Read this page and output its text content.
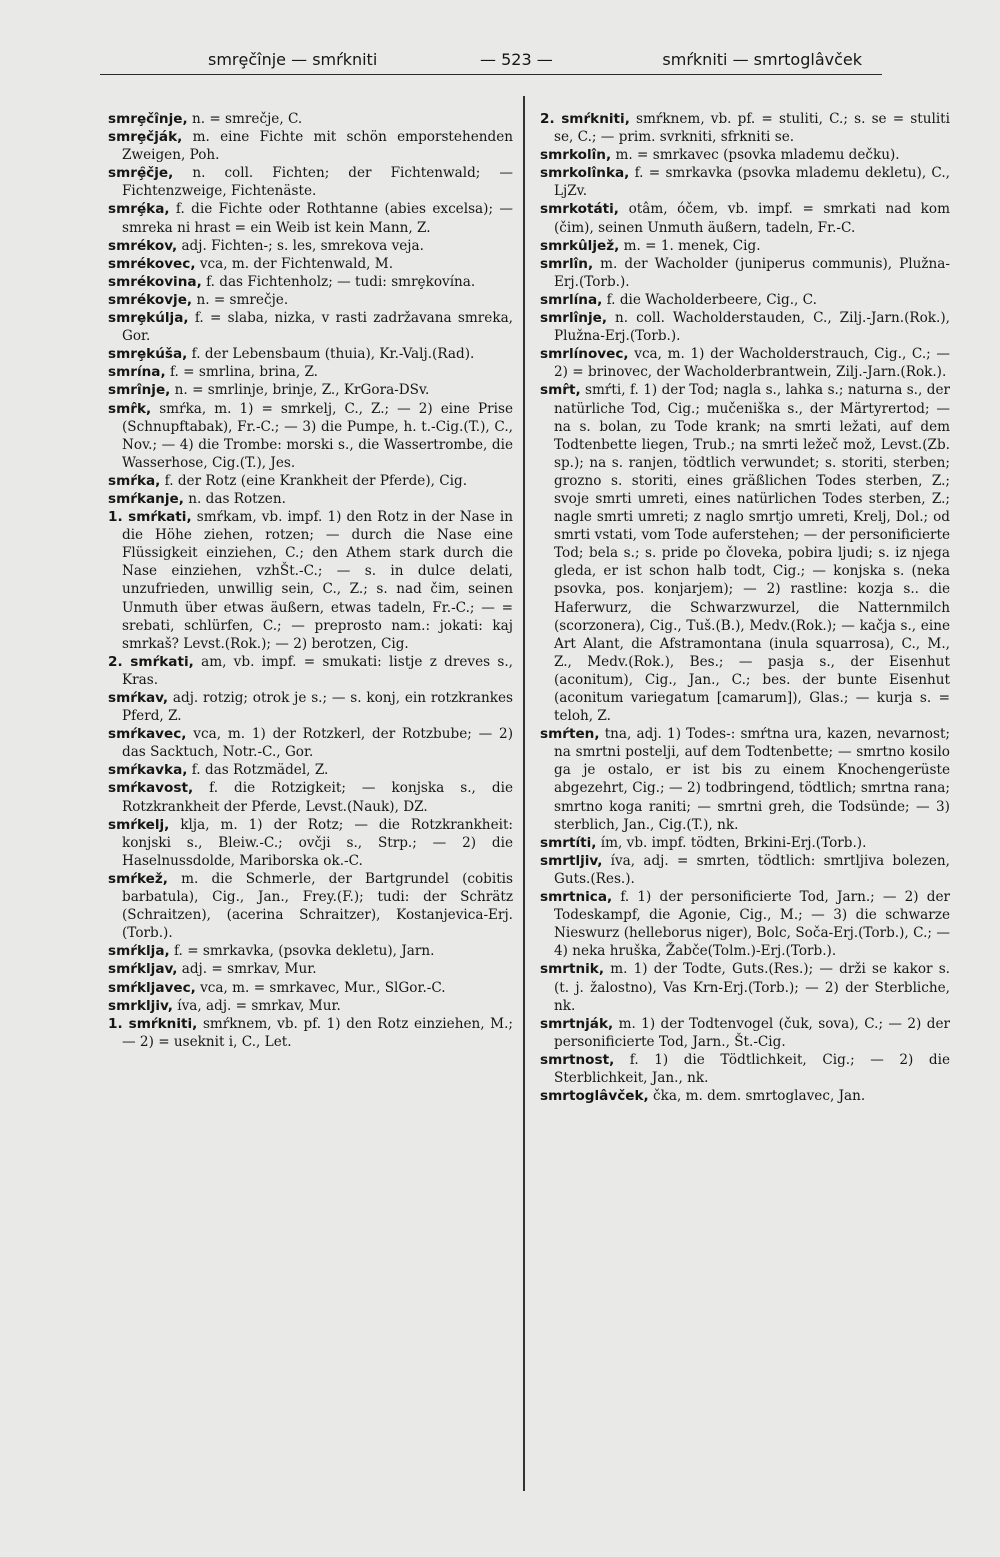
smrȩčînje — smŕkniti	— 523 —	smŕkniti — smrtoglâvček

smrȩčînje, n. = smrečje, C.

smrȩčják, m. eine Fichte mit schön emporstehenden Zweigen, Poh.

smrȩ̑čje, n. coll. Fichten; der Fichtenwald; — Fichtenzweige, Fichtenäste.

smrȩ́ka, f. die Fichte oder Rothtanne (abies excelsa); — smreka ni hrast = ein Weib ist kein Mann, Z.

smrékov, adj. Fichten-; s. les, smrekova veja.

smrékovec, vca, m. der Fichtenwald, M.

smrékovina, f. das Fichtenholz; — tudi: smrȩkovína.

smrékovje, n. = smrečje.

smrȩkúlja, f. = slaba, nizka, v rasti zadržavana smreka, Gor.

smrȩkúša, f. der Lebensbaum (thuia), Kr.-Valj.(Rad).

smrína, f. = smrlina, brina, Z.

smrînje, n. = smrlinje, brinje, Z., KrGora-DSv.

smr̂k, smŕka, m. 1) = smrkelj, C., Z.; — 2) eine Prise (Schnupftabak), Fr.-C.; — 3) die Pumpe, h. t.-Cig.(T.), C., Nov.; — 4) die Trombe: morski s., die Wassertrombe, die Wasserhose, Cig.(T.), Jes.

smŕka, f. der Rotz (eine Krankheit der Pferde), Cig.

smŕkanje, n. das Rotzen.

1. smŕkati, smŕkam, vb. impf. 1) den Rotz in der Nase in die Höhe ziehen, rotzen; — durch die Nase eine Flüssigkeit einziehen, C.; den Athem stark durch die Nase einziehen, vzhŠt.-C.; — s. in dulce delati, unzufrieden, unwillig sein, C., Z.; s. nad čim, seinen Unmuth über etwas äußern, etwas tadeln, Fr.-C.; — = srebati, schlürfen, C.; — preprosto nam.: jokati: kaj smrkaš? Levst.(Rok.); — 2) berotzen, Cig.

2. smŕkati, am, vb. impf. = smukati: listje z dreves s., Kras.

smŕkav, adj. rotzig; otrok je s.; — s. konj, ein rotzkrankes Pferd, Z.

smŕkavec, vca, m. 1) der Rotzkerl, der Rotzbube; — 2) das Sacktuch, Notr.-C., Gor.

smŕkavka, f. das Rotzmädel, Z.

smŕkavost, f. die Rotzigkeit; — konjska s., die Rotzkrankheit der Pferde, Levst.(Nauk), DZ.

smŕkelj, klja, m. 1) der Rotz; — die Rotzkrankheit: konjski s., Bleiw.-C.; ovčji s., Strp.; — 2) die Haselnussdolde, Mariborska ok.-C.

smŕkež, m. die Schmerle, der Bartgrundel (cobitis barbatula), Cig., Jan., Frey.(F.); tudi: der Schrätz (Schraitzen), (acerina Schraitzer), Kostanjevica-Erj.(Torb.).

smŕklja, f. = smrkavka, (psovka dekletu), Jarn.

smŕkljav, adj. = smrkav, Mur.

smŕkljavec, vca, m. = smrkavec, Mur., SlGor.-C.

smrkljiv, íva, adj. = smrkav, Mur.

1. smŕkniti, smŕknem, vb. pf. 1) den Rotz einziehen, M.; — 2) = useknit i, C., Let.

2. smŕkniti, smŕknem, vb. pf. = stuliti, C.; s. se = stuliti se, C.; — prim. svrkniti, sfrkniti se.

smrkolîn, m. = smrkavec (psovka mlademu dečku).

smrkolînka, f. = smrkavka (psovka mlademu dekletu), C., LjZv.

smrkotáti, otâm, óčem, vb. impf. = smrkati nad kom (čim), seinen Unmuth äußern, tadeln, Fr.-C.

smrkûlјež, m. = 1. menek, Cig.

smrlîn, m. der Wacholder (juniperus communis), Plužna-Erj.(Torb.).

smrlína, f. die Wacholderbeere, Cig., C.

smrlînje, n. coll. Wacholderstauden, C., Zilj.-Jarn.(Rok.), Plužna-Erj.(Torb.).

smrlínovec, vca, m. 1) der Wacholderstrauch, Cig., C.; — 2) = brinovec, der Wacholderbrantwein, Zilj.-Jarn.(Rok.).

smr̂t, smŕti, f. 1) der Tod; nagla s., lahka s.; naturna s., der natürliche Tod, Cig.; mučeniška s., der Märtyrertod; — na s. bolan, zu Tode krank; na smrti ležati, auf dem Todtenbette liegen, Trub.; na smrti ležeč mož, Levst.(Zb. sp.); na s. ranjen, tödtlich verwundet; s. storiti, sterben; grozno s. storiti, eines gräßlichen Todes sterben, Z.; svoje smrti umreti, eines natürlichen Todes sterben, Z.; nagle smrti umreti; z naglo smrtjo umreti, Krelj, Dol.; od smrti vstati, vom Tode auferstehen; — der personificierte Tod; bela s.; s. pride po človeka, pobira ljudi; s. iz njega gleda, er ist schon halb todt, Cig.; — konjska s. (neka psovka, pos. konjarjem); — 2) rastline: kozja s.. die Haferwurz, die Schwarzwurzel, die Natternmilch (scorzonera), Cig., Tuš.(B.), Medv.(Rok.); — kačja s., eine Art Alant, die Afstramontana (inula squarrosa), C., M., Z., Medv.(Rok.), Bes.; — pasja s., der Eisenhut (aconitum), Cig., Jan., C.; bes. der bunte Eisenhut (aconitum variegatum [camarum]), Glas.; — kurja s. = teloh, Z.

smŕten, tna, adj. 1) Todes-: smŕtna ura, kazen, nevarnost; na smrtni postelji, auf dem Todtenbette; — smrtno kosilo ga je ostalo, er ist bis zu einem Knochengerüste abgezehrt, Cig.; — 2) todbringend, tödtlich; smrtna rana; smrtno koga raniti; — smrtni greh, die Todsünde; — 3) sterblich, Jan., Cig.(T.), nk.

smrtíti, ím, vb. impf. tödten, Brkini-Erj.(Torb.).

smrtljiv, íva, adj. = smrten, tödtlich: smrtljiva bolezen, Guts.(Res.).

smrtnica, f. 1) der personificierte Tod, Jarn.; — 2) der Todeskampf, die Agonie, Cig., M.; — 3) die schwarze Nieswurz (helleborus niger), Bolc, Soča-Erj.(Torb.), C.; — 4) neka hruška, Žabče(Tolm.)-Erj.(Torb.).

smrtnik, m. 1) der Todte, Guts.(Res.); — drži se kakor s. (t. j. žalostno), Vas Krn-Erj.(Torb.); — 2) der Sterbliche, nk.

smrtnják, m. 1) der Todtenvogel (čuk, sova), C.; — 2) der personificierte Tod, Jarn., Št.-Cig.

smrtnost, f. 1) die Tödtlichkeit, Cig.; — 2) die Sterblichkeit, Jan., nk.

smrtoglâvček, čka, m. dem. smrtoglavec, Jan.
